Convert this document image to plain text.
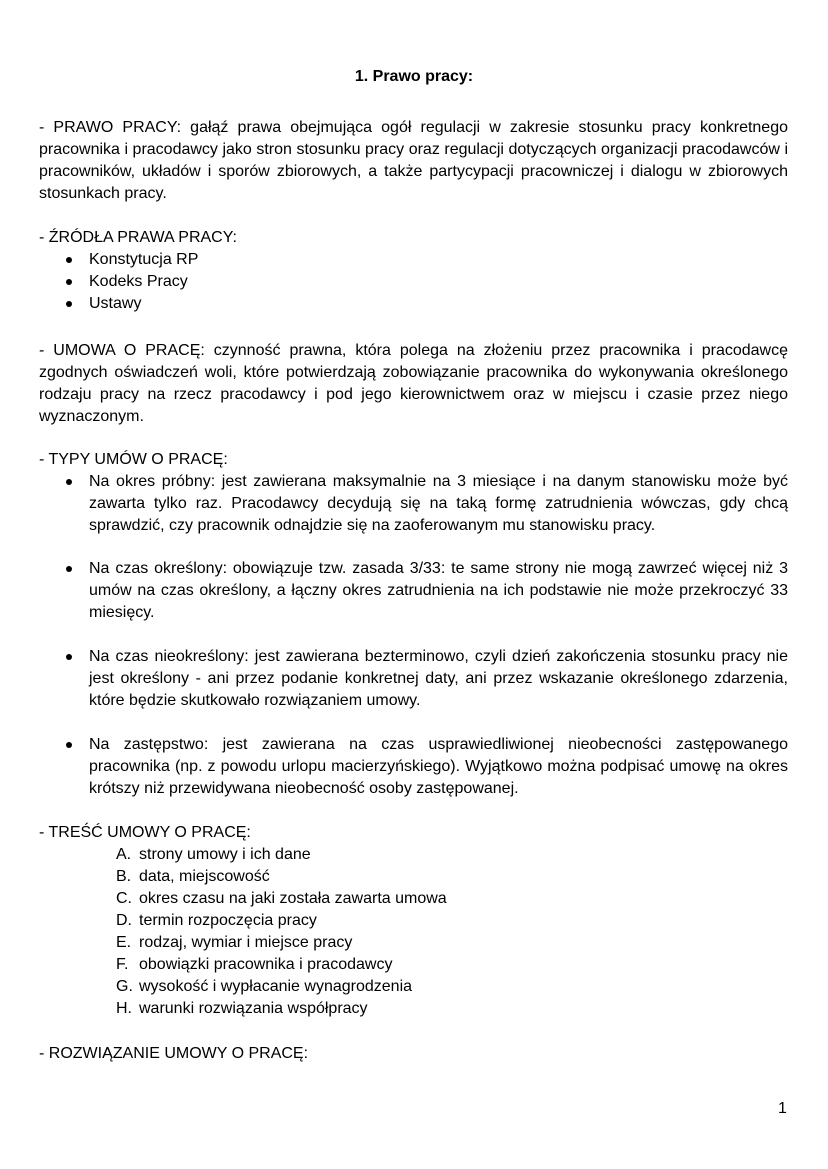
1. Prawo pracy:
- PRAWO PRACY: gałąź prawa obejmująca ogół regulacji w zakresie stosunku pracy konkretnego pracownika i pracodawcy jako stron stosunku pracy oraz regulacji dotyczących organizacji pracodawców i pracowników, układów i sporów zbiorowych, a także partycypacji pracowniczej i dialogu w zbiorowych stosunkach pracy.
- ŹRÓDŁA PRAWA PRACY:
Konstytucja RP
Kodeks Pracy
Ustawy
- UMOWA O PRACĘ: czynność prawna, która polega na złożeniu przez pracownika i pracodawcę zgodnych oświadczeń woli, które potwierdzają zobowiązanie pracownika do wykonywania określonego rodzaju pracy na rzecz pracodawcy i pod jego kierownictwem oraz w miejscu i czasie przez niego wyznaczonym.
- TYPY UMÓW O PRACĘ:
Na okres próbny: jest zawierana maksymalnie na 3 miesiące i na danym stanowisku może być zawarta tylko raz. Pracodawcy decydują się na taką formę zatrudnienia wówczas, gdy chcą sprawdzić, czy pracownik odnajdzie się na zaoferowanym mu stanowisku pracy.
Na czas określony: obowiązuje tzw. zasada 3/33: te same strony nie mogą zawrzeć więcej niż 3 umów na czas określony, a łączny okres zatrudnienia na ich podstawie nie może przekroczyć 33 miesięcy.
Na czas nieokreślony: jest zawierana bezterminowo, czyli dzień zakończenia stosunku pracy nie jest określony - ani przez podanie konkretnej daty, ani przez wskazanie określonego zdarzenia, które będzie skutkowało rozwiązaniem umowy.
Na zastępstwo: jest zawierana na czas usprawiedliwionej nieobecności zastępowanego pracownika (np. z powodu urlopu macierzyńskiego). Wyjątkowo można podpisać umowę na okres krótszy niż przewidywana nieobecność osoby zastępowanej.
- TREŚĆ UMOWY O PRACĘ:
A. strony umowy i ich dane
B. data, miejscowość
C. okres czasu na jaki została zawarta umowa
D. termin rozpoczęcia pracy
E. rodzaj, wymiar i miejsce pracy
F. obowiązki pracownika i pracodawcy
G. wysokość i wypłacanie wynagrodzenia
H. warunki rozwiązania współpracy
- ROZWIĄZANIE UMOWY O PRACĘ:
1
